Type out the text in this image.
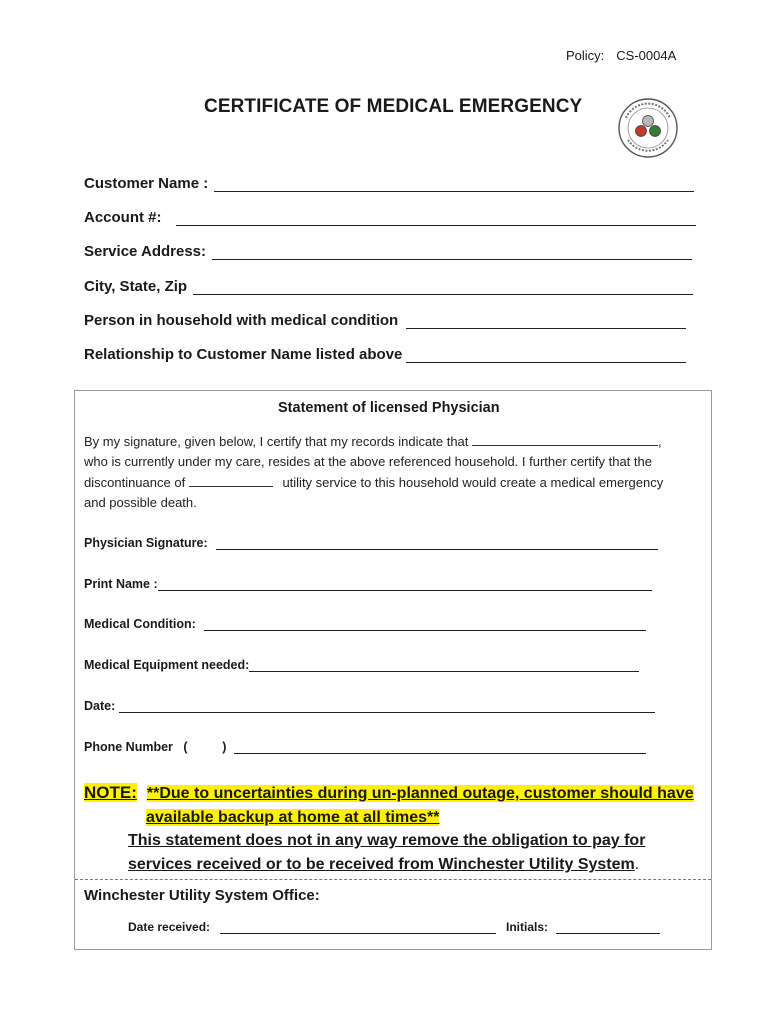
Policy: CS-0004A
CERTIFICATE OF MEDICAL EMERGENCY
Customer Name :
Account #:
Service Address:
City, State, Zip
Person in household with medical condition
Relationship to Customer Name listed above
Statement of licensed Physician
By my signature, given below, I certify that my records indicate that	,
who is currently under my care, resides at the above referenced household. I further certify that the
discontinuance of	utility service to this household would create a medical emergency
and possible death.
Physician Signature:
Print Name :
Medical Condition:
Medical Equipment needed:
Date:
Phone Number   (          )
NOTE: **Due to uncertainties during un-planned outage, customer should have
available backup at home at all times**
This statement does not in any way remove the obligation to pay for
services received or to be received from Winchester Utility System.
Winchester Utility System Office:
Date received:	Initials:
